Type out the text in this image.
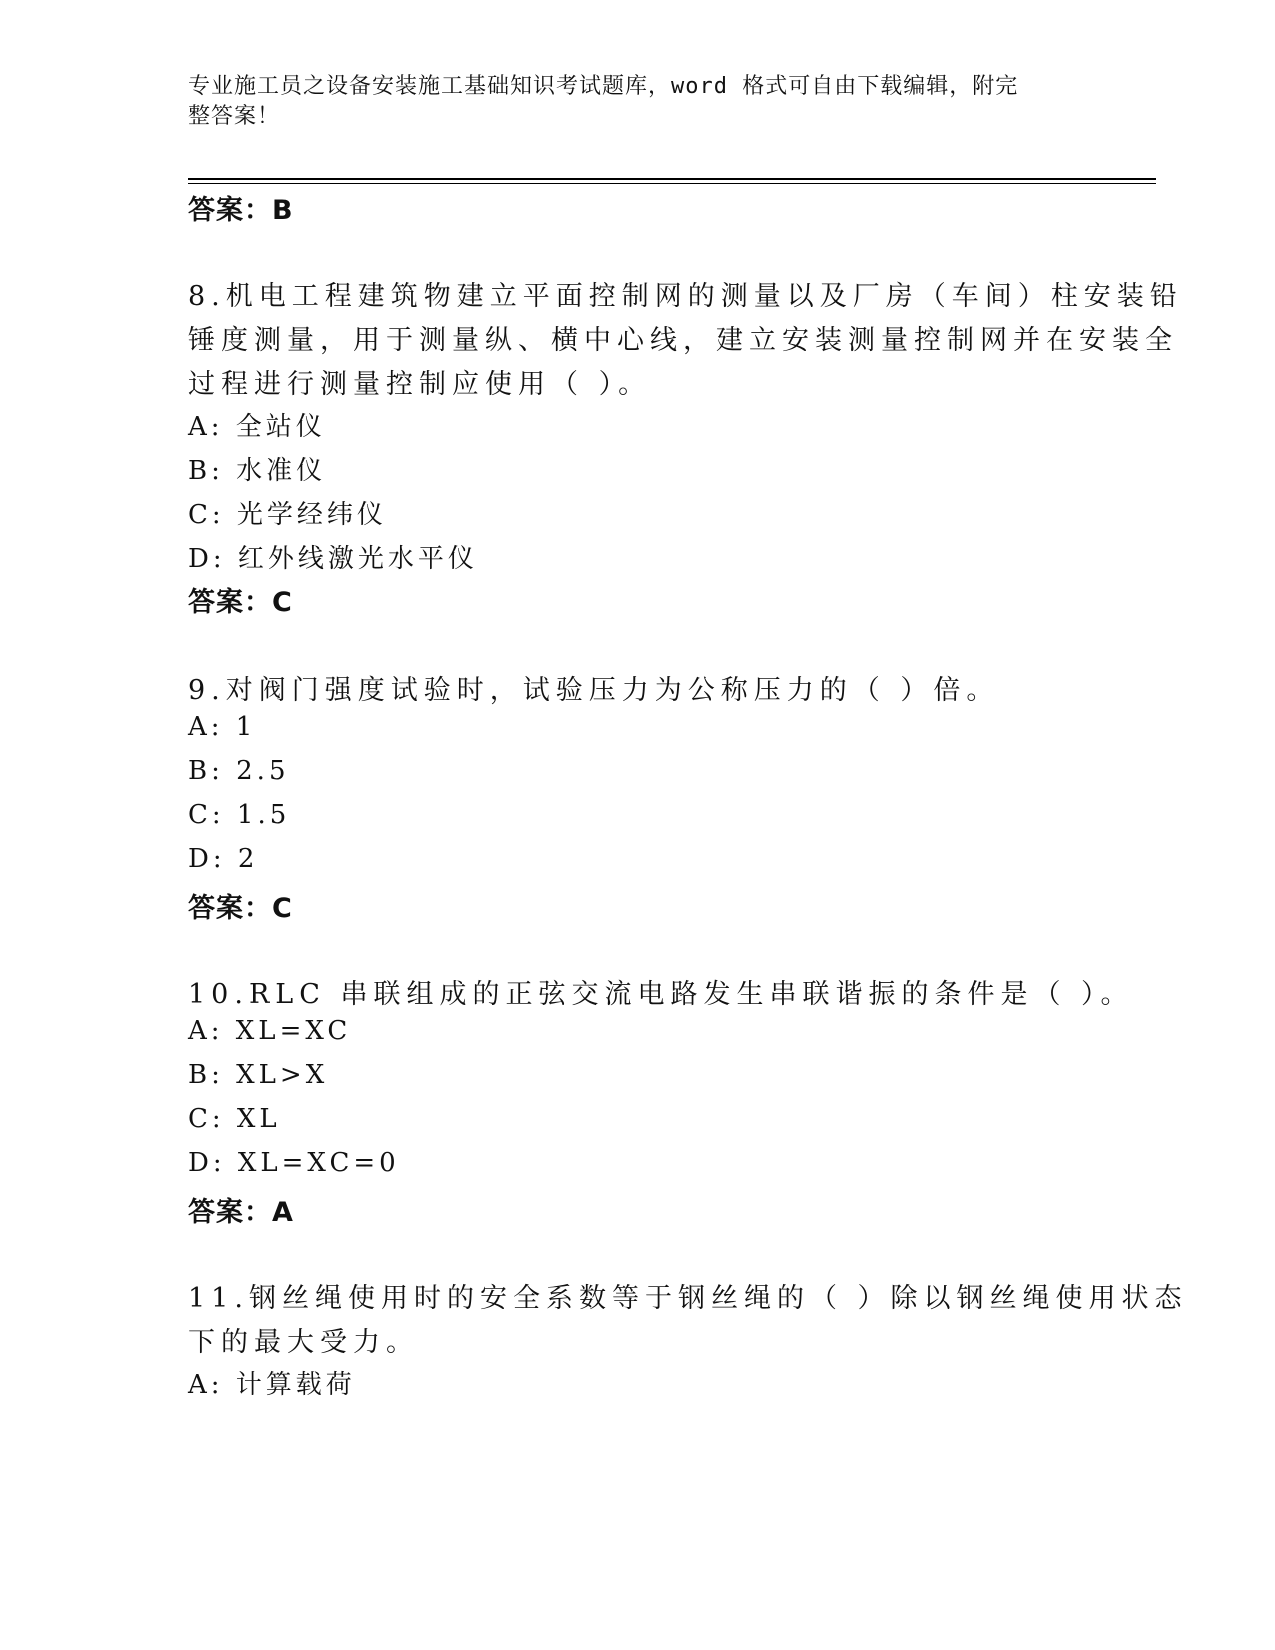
专业施工员之设备安装施工基础知识考试题库，word 格式可自由下载编辑，附完
整答案！
答案：B
8.机电工程建筑物建立平面控制网的测量以及厂房（车间）柱安装铅
锤度测量，用于测量纵、横中心线，建立安装测量控制网并在安装全
过程进行测量控制应使用（ ）。
A: 全站仪
B: 水准仪
C: 光学经纬仪
D: 红外线激光水平仪
答案：C
9.对阀门强度试验时，试验压力为公称压力的（ ）倍。
A: 1
B: 2.5
C: 1.5
D: 2
答案：C
10.RLC 串联组成的正弦交流电路发生串联谐振的条件是（ ）。
A: XL=XC
B: XL>X
C: XL
D: XL=XC=0
答案：A
11.钢丝绳使用时的安全系数等于钢丝绳的（ ）除以钢丝绳使用状态
下的最大受力。
A: 计算载荷
